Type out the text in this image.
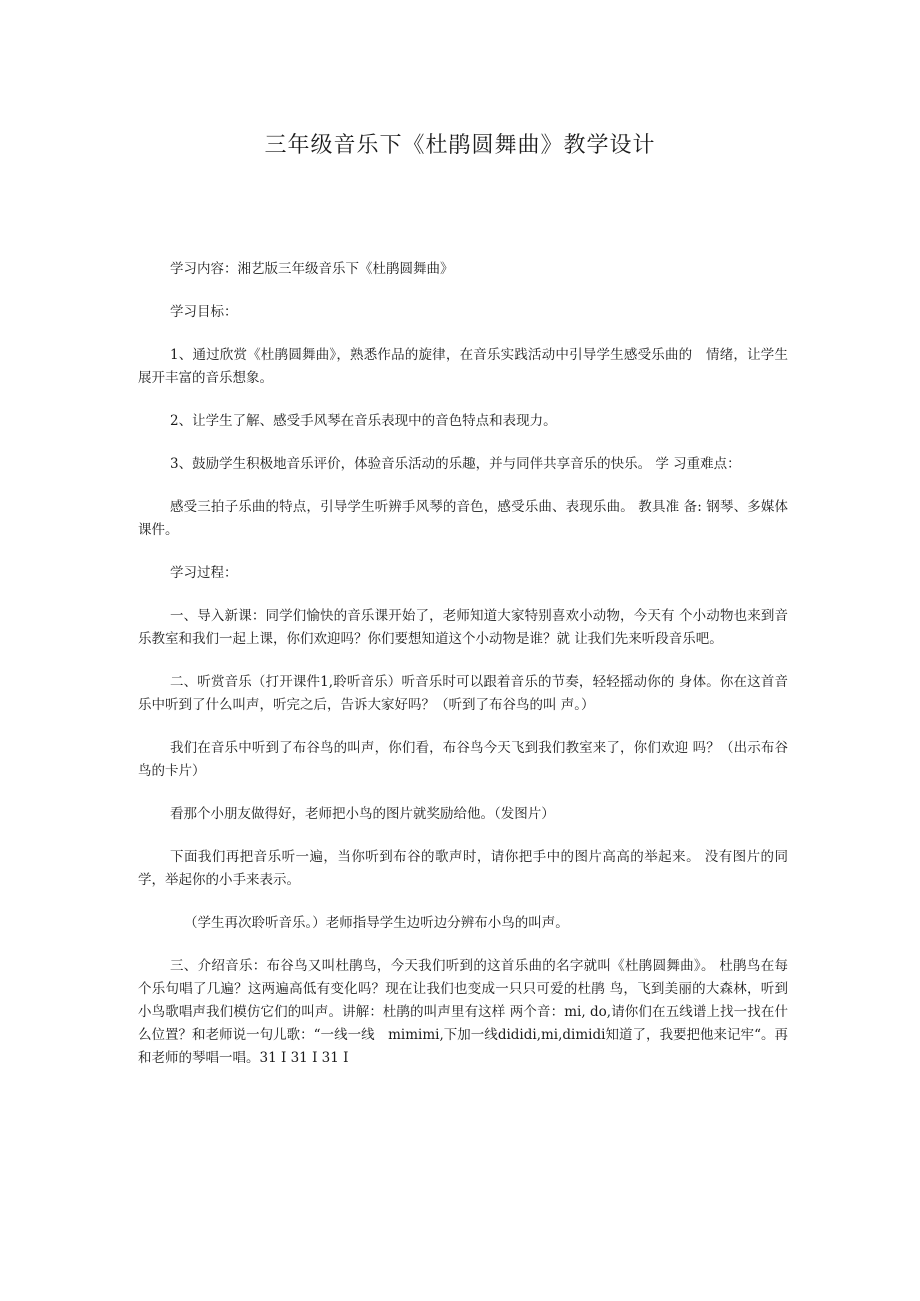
三年级音乐下《杜鹃圆舞曲》教学设计

学习内容：湘艺版三年级音乐下《杜鹃圆舞曲》

学习目标：

1、通过欣赏《杜鹃圆舞曲》，熟悉作品的旋律，在音乐实践活动中引导学生感受乐曲的　情绪，让学生展开丰富的音乐想象。

2、让学生了解、感受手风琴在音乐表现中的音色特点和表现力。

3、鼓励学生积极地音乐评价，体验音乐活动的乐趣，并与同伴共享音乐的快乐。 学 习重难点：

感受三拍子乐曲的特点，引导学生听辨手风琴的音色，感受乐曲、表现乐曲。 教具准 备: 钢琴、多媒体课件。

学习过程：

一、导入新课：同学们愉快的音乐课开始了，老师知道大家特别喜欢小动物，今天有 个小动物也来到音乐教室和我们一起上课，你们欢迎吗？你们要想知道这个小动物是谁？就 让我们先来听段音乐吧。

二、听赏音乐（打开课件1,聆听音乐）听音乐时可以跟着音乐的节奏，轻轻摇动你的 身体。你在这首音乐中听到了什么叫声，听完之后，告诉大家好吗？（听到了布谷鸟的叫 声。）

我们在音乐中听到了布谷鸟的叫声，你们看，布谷鸟今天飞到我们教室来了，你们欢迎 吗？（出示布谷鸟的卡片）

看那个小朋友做得好，老师把小鸟的图片就奖励给他。（发图片）

下面我们再把音乐听一遍，当你听到布谷的歌声时，请你把手中的图片高高的举起来。 没有图片的同学，举起你的小手来表示。

（学生再次聆听音乐。）老师指导学生边听边分辨布小鸟的叫声。

三、介绍音乐：布谷鸟又叫杜鹃鸟，今天我们听到的这首乐曲的名字就叫《杜鹃圆舞曲》。 杜鹃鸟在每个乐句唱了几遍？这两遍高低有变化吗？现在让我们也变成一只只可爱的杜鹃 鸟，飞到美丽的大森林，听到小鸟歌唱声我们模仿它们的叫声。讲解：杜鹃的叫声里有这样 两个音：mi, do,请你们在五线谱上找一找在什么位置？和老师说一句儿歌：“一线一线　mimimi,下加一线dididi,mi,dimidi知道了，我要把他来记牢“。再和老师的琴唱一唱。31 I 31 I 31 I
